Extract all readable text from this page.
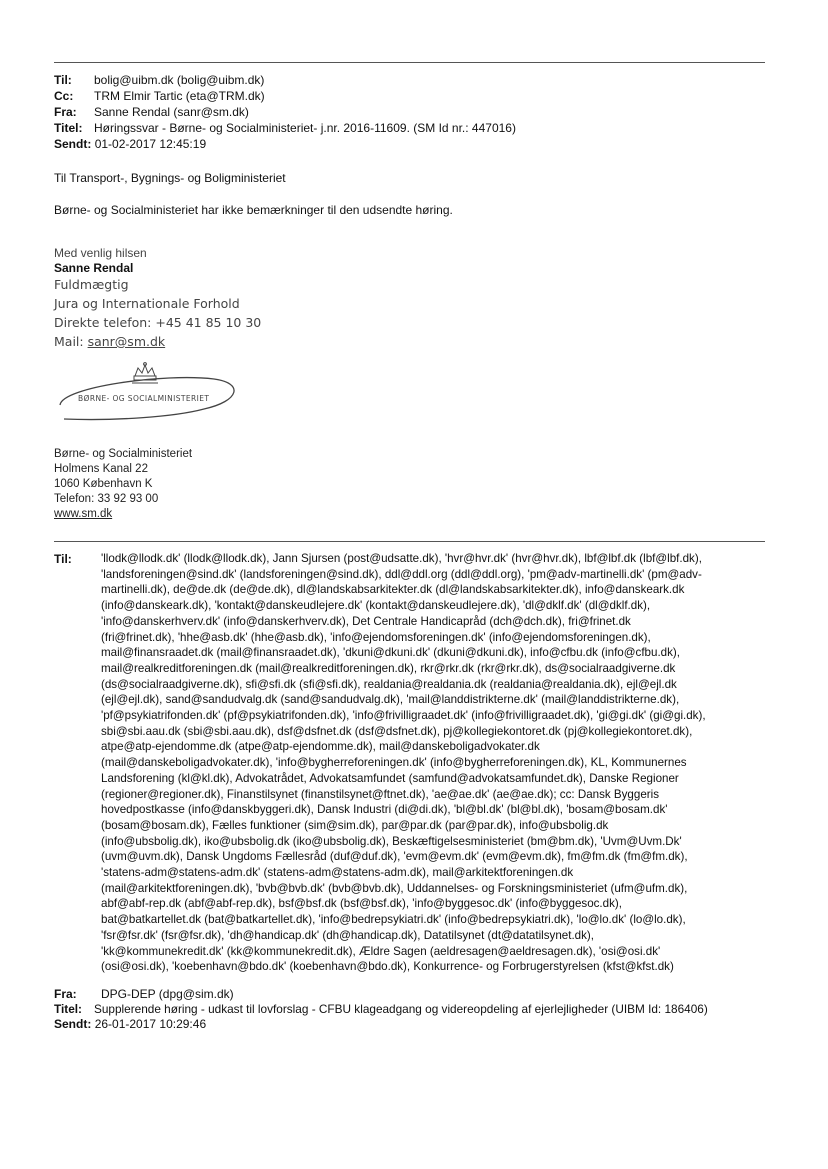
Til: bolig@uibm.dk (bolig@uibm.dk)
Cc: TRM Elmir Tartic (eta@TRM.dk)
Fra: Sanne Rendal (sanr@sm.dk)
Titel: Høringssvar - Børne- og Socialministeriet- j.nr. 2016-11609. (SM Id nr.: 447016)
Sendt: 01-02-2017 12:45:19
Til Transport-, Bygnings- og Boligministeriet
Børne- og Socialministeriet har ikke bemærkninger til den udsendte høring.
Med venlig hilsen
Sanne Rendal
Fuldmægtig
Jura og Internationale Forhold
Direkte telefon: +45 41 85 10 30
Mail: sanr@sm.dk
BØRNE- OG SOCIALMINISTERIET
Børne- og Socialministeriet
Holmens Kanal 22
1060 København K
Telefon: 33 92 93 00
www.sm.dk
Til:	'llodk@llodk.dk' (llodk@llodk.dk), Jann Sjursen (post@udsatte.dk), 'hvr@hvr.dk' (hvr@hvr.dk), lbf@lbf.dk (lbf@lbf.dk),
'landsforeningen@sind.dk' (landsforeningen@sind.dk), ddl@ddl.org (ddl@ddl.org), 'pm@adv-martinelli.dk' (pm@adv-
martinelli.dk), de@de.dk (de@de.dk), dl@landskabsarkitekter.dk (dl@landskabsarkitekter.dk), info@danskeark.dk
(info@danskeark.dk), 'kontakt@danskeudlejere.dk' (kontakt@danskeudlejere.dk), 'dl@dklf.dk' (dl@dklf.dk),
'info@danskerhverv.dk' (info@danskerhverv.dk), Det Centrale Handicapråd (dch@dch.dk), fri@frinet.dk
(fri@frinet.dk), 'hhe@asb.dk' (hhe@asb.dk), 'info@ejendomsforeningen.dk' (info@ejendomsforeningen.dk),
mail@finansraadet.dk (mail@finansraadet.dk), 'dkuni@dkuni.dk' (dkuni@dkuni.dk), info@cfbu.dk (info@cfbu.dk),
mail@realkreditforeningen.dk (mail@realkreditforeningen.dk), rkr@rkr.dk (rkr@rkr.dk), ds@socialraadgiverne.dk
(ds@socialraadgiverne.dk), sfi@sfi.dk (sfi@sfi.dk), realdania@realdania.dk (realdania@realdania.dk), ejl@ejl.dk
(ejl@ejl.dk), sand@sandudvalg.dk (sand@sandudvalg.dk), 'mail@landdistrikterne.dk' (mail@landdistrikterne.dk),
'pf@psykiatrifonden.dk' (pf@psykiatrifonden.dk), 'info@frivilligraadet.dk' (info@frivilligraadet.dk), 'gi@gi.dk' (gi@gi.dk),
sbi@sbi.aau.dk (sbi@sbi.aau.dk), dsf@dsfnet.dk (dsf@dsfnet.dk), pj@kollegiekontoret.dk (pj@kollegiekontoret.dk),
atpe@atp-ejendomme.dk (atpe@atp-ejendomme.dk), mail@danskeboligadvokater.dk
(mail@danskeboligadvokater.dk), 'info@bygherreforeningen.dk' (info@bygherreforeningen.dk), KL, Kommunernes
Landsforening (kl@kl.dk), Advokatrådet, Advokatsamfundet (samfund@advokatsamfundet.dk), Danske Regioner
(regioner@regioner.dk), Finanstilsynet (finanstilsynet@ftnet.dk), 'ae@ae.dk' (ae@ae.dk); cc: Dansk Byggeris
hovedpostkasse (info@danskbyggeri.dk), Dansk Industri (di@di.dk), 'bl@bl.dk' (bl@bl.dk), 'bosam@bosam.dk'
(bosam@bosam.dk), Fælles funktioner (sim@sim.dk), par@par.dk (par@par.dk), info@ubsbolig.dk
(info@ubsbolig.dk), iko@ubsbolig.dk (iko@ubsbolig.dk), Beskæftigelsesministeriet (bm@bm.dk), 'Uvm@Uvm.Dk'
(uvm@uvm.dk), Dansk Ungdoms Fællesråd (duf@duf.dk), 'evm@evm.dk' (evm@evm.dk), fm@fm.dk (fm@fm.dk),
'statens-adm@statens-adm.dk' (statens-adm@statens-adm.dk), mail@arkitektforeningen.dk
(mail@arkitektforeningen.dk), 'bvb@bvb.dk' (bvb@bvb.dk), Uddannelses- og Forskningsministeriet (ufm@ufm.dk),
abf@abf-rep.dk (abf@abf-rep.dk), bsf@bsf.dk (bsf@bsf.dk), 'info@byggesoc.dk' (info@byggesoc.dk),
bat@batkartellet.dk (bat@batkartellet.dk), 'info@bedrepsykiatri.dk' (info@bedrepsykiatri.dk), 'lo@lo.dk' (lo@lo.dk),
'fsr@fsr.dk' (fsr@fsr.dk), 'dh@handicap.dk' (dh@handicap.dk), Datatilsynet (dt@datatilsynet.dk),
'kk@kommunekredit.dk' (kk@kommunekredit.dk), Ældre Sagen (aeldresagen@aeldresagen.dk), 'osi@osi.dk'
(osi@osi.dk), 'koebenhavn@bdo.dk' (koebenhavn@bdo.dk), Konkurrence- og Forbrugerstyrelsen (kfst@kfst.dk)
Fra: DPG-DEP (dpg@sim.dk)
Titel: Supplerende høring - udkast til lovforslag - CFBU klageadgang og videreopdeling af ejerlejligheder (UIBM Id: 186406)
Sendt: 26-01-2017 10:29:46
